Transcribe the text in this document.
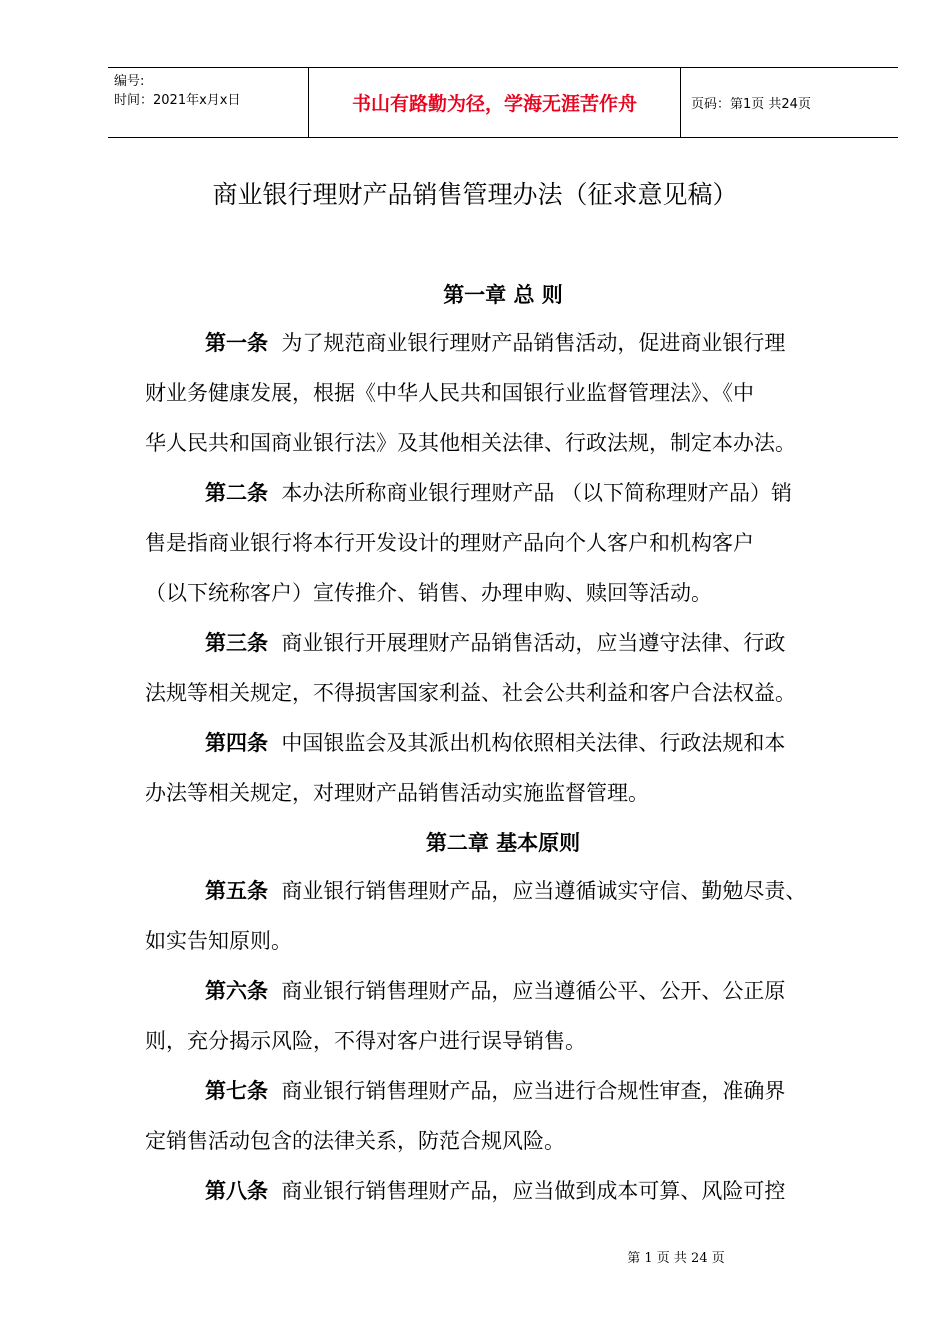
编号:
时间：2021年x月x日	书山有路勤为径，学海无涯苦作舟	页码：第1页 共24页
商业银行理财产品销售管理办法（征求意见稿）
第一章 总 则
第一条 为了规范商业银行理财产品销售活动，促进商业银行理
财业务健康发展，根据《中华人民共和国银行业监督管理法》、《中
华人民共和国商业银行法》及其他相关法律、行政法规，制定本办法。
第二条 本办法所称商业银行理财产品 （以下简称理财产品）销
售是指商业银行将本行开发设计的理财产品向个人客户和机构客户
（以下统称客户）宣传推介、销售、办理申购、赎回等活动。
第三条 商业银行开展理财产品销售活动，应当遵守法律、行政
法规等相关规定，不得损害国家利益、社会公共利益和客户合法权益。
第四条 中国银监会及其派出机构依照相关法律、行政法规和本
办法等相关规定，对理财产品销售活动实施监督管理。
第二章 基本原则
第五条 商业银行销售理财产品，应当遵循诚实守信、勤勉尽责、
如实告知原则。
第六条 商业银行销售理财产品，应当遵循公平、公开、公正原
则，充分揭示风险，不得对客户进行误导销售。
第七条 商业银行销售理财产品，应当进行合规性审查，准确界
定销售活动包含的法律关系，防范合规风险。
第八条 商业银行销售理财产品，应当做到成本可算、风险可控
第 1 页 共 24 页
